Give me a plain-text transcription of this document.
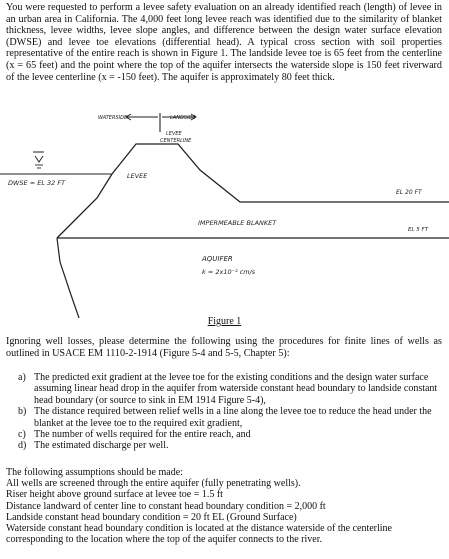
You were requested to perform a levee safety evaluation on an already identified reach (length) of levee in an urban area in California. The 4,000 feet long levee reach was identified due to the similarity of blanket thickness, levee widths, levee slope angles, and difference between the design water surface elevation (DWSE) and levee toe elevations (differential head). A typical cross section with soil properties representative of the entire reach is shown in Figure 1. The landside levee toe is 65 feet from the centerline (x = 65 feet) and the point where the top of the aquifer intersects the waterside slope is 150 feet riverward of the levee centerline (x = -150 feet). The aquifer is approximately 80 feet thick.

WATERSIDE	LANDSIDE
LEVEE
CENTERLINE
DWSE = EL 32 FT
LEVEE
EL 20 FT
IMPERMEABLE BLANKET
EL 5 FT
AQUIFER
k = 2x10⁻² cm/s
Figure 1

Ignoring well losses, please determine the following using the procedures for finite lines of wells as outlined in USACE EM 1110-2-1914 (Figure 5-4 and 5-5, Chapter 5):

a) The predicted exit gradient at the levee toe for the existing conditions and the design water surface assuming linear head drop in the aquifer from waterside constant head boundary to landside constant head boundary (or source to sink in EM 1914 Figure 5-4),
b) The distance required between relief wells in a line along the levee toe to reduce the head under the blanket at the levee toe to the required exit gradient,
c) The number of wells required for the entire reach, and
d) The estimated discharge per well.
The following assumptions should be made:
All wells are screened through the entire aquifer (fully penetrating wells).
Riser height above ground surface at levee toe = 1.5 ft
Distance landward of center line to constant head boundary condition = 2,000 ft
Landside constant head boundary condition = 20 ft EL (Ground Surface)
Waterside constant head boundary condition is located at the distance waterside of the centerline
corresponding to the location where the top of the aquifer connects to the river.
